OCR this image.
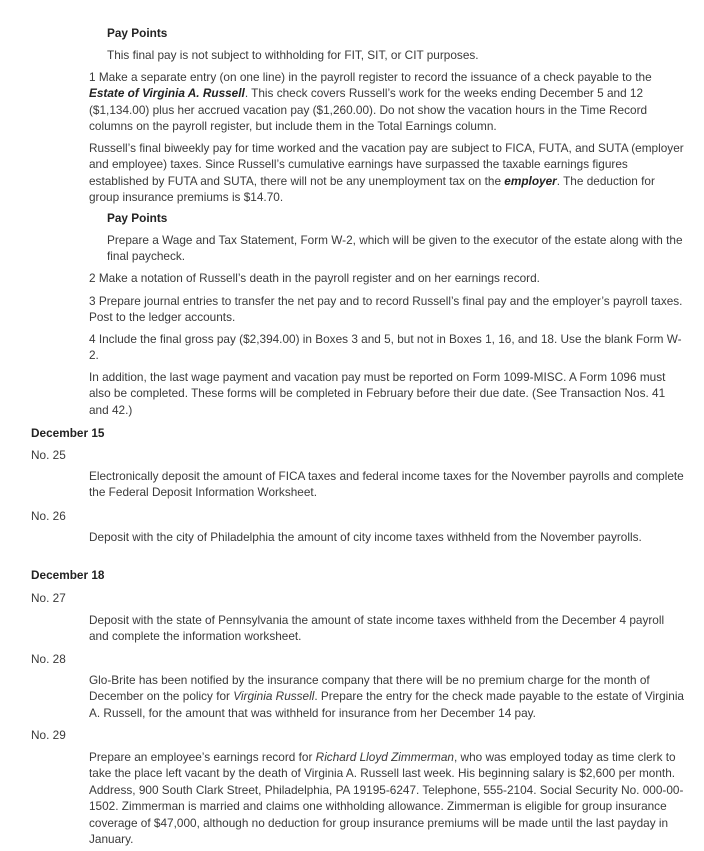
Pay Points

This final pay is not subject to withholding for FIT, SIT, or CIT purposes.

1 Make a separate entry (on one line) in the payroll register to record the issuance of a check payable to the Estate of Virginia A. Russell. This check covers Russell’s work for the weeks ending December 5 and 12 ($1,134.00) plus her accrued vacation pay ($1,260.00). Do not show the vacation hours in the Time Record columns on the payroll register, but include them in the Total Earnings column.

Russell’s final biweekly pay for time worked and the vacation pay are subject to FICA, FUTA, and SUTA (employer and employee) taxes. Since Russell’s cumulative earnings have surpassed the taxable earnings figures established by FUTA and SUTA, there will not be any unemployment tax on the employer. The deduction for group insurance premiums is $14.70.

Pay Points

Prepare a Wage and Tax Statement, Form W-2, which will be given to the executor of the estate along with the final paycheck.

2 Make a notation of Russell’s death in the payroll register and on her earnings record.

3 Prepare journal entries to transfer the net pay and to record Russell’s final pay and the employer’s payroll taxes. Post to the ledger accounts.

4 Include the final gross pay ($2,394.00) in Boxes 3 and 5, but not in Boxes 1, 16, and 18. Use the blank Form W-2.

In addition, the last wage payment and vacation pay must be reported on Form 1099-MISC. A Form 1096 must also be completed. These forms will be completed in February before their due date. (See Transaction Nos. 41 and 42.)

December 15

No. 25

Electronically deposit the amount of FICA taxes and federal income taxes for the November payrolls and complete the Federal Deposit Information Worksheet.

No. 26

Deposit with the city of Philadelphia the amount of city income taxes withheld from the November payrolls.

December 18

No. 27

Deposit with the state of Pennsylvania the amount of state income taxes withheld from the December 4 payroll and complete the information worksheet.

No. 28

Glo-Brite has been notified by the insurance company that there will be no premium charge for the month of December on the policy for Virginia Russell. Prepare the entry for the check made payable to the estate of Virginia A. Russell, for the amount that was withheld for insurance from her December 14 pay.

No. 29

Prepare an employee’s earnings record for Richard Lloyd Zimmerman, who was employed today as time clerk to take the place left vacant by the death of Virginia A. Russell last week. His beginning salary is $2,600 per month. Address, 900 South Clark Street, Philadelphia, PA 19195-6247. Telephone, 555-2104. Social Security No. 000-00-1502. Zimmerman is married and claims one withholding allowance. Zimmerman is eligible for group insurance coverage of $47,000, although no deduction for group insurance premiums will be made until the last payday in January.
